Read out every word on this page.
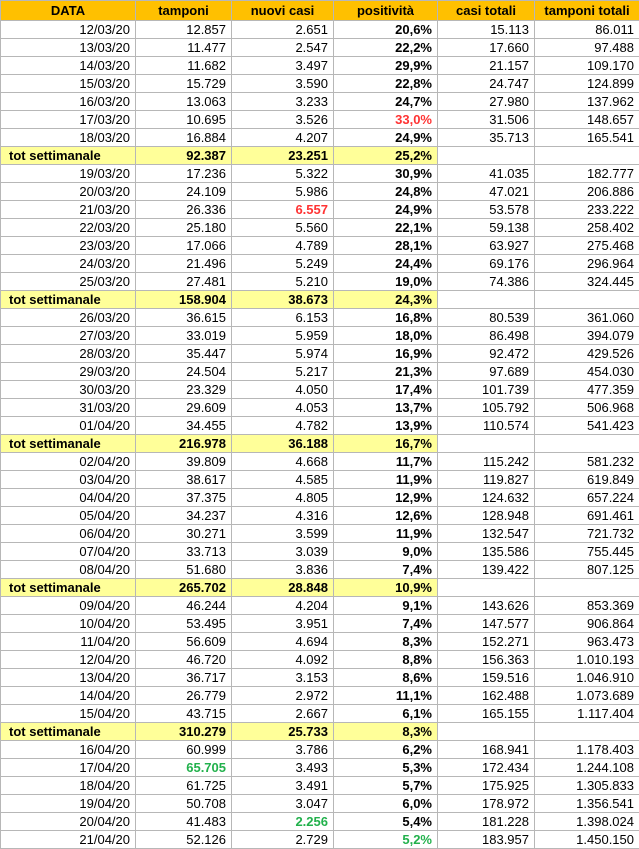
DATA	tamponi	nuovi casi	positività	casi totali	tamponi totali
12/03/20	12.857	2.651	20,6%	15.113	86.011
13/03/20	11.477	2.547	22,2%	17.660	97.488
14/03/20	11.682	3.497	29,9%	21.157	109.170
15/03/20	15.729	3.590	22,8%	24.747	124.899
16/03/20	13.063	3.233	24,7%	27.980	137.962
17/03/20	10.695	3.526	33,0%	31.506	148.657
18/03/20	16.884	4.207	24,9%	35.713	165.541
tot settimanale	92.387	23.251	25,2%		
19/03/20	17.236	5.322	30,9%	41.035	182.777
20/03/20	24.109	5.986	24,8%	47.021	206.886
21/03/20	26.336	6.557	24,9%	53.578	233.222
22/03/20	25.180	5.560	22,1%	59.138	258.402
23/03/20	17.066	4.789	28,1%	63.927	275.468
24/03/20	21.496	5.249	24,4%	69.176	296.964
25/03/20	27.481	5.210	19,0%	74.386	324.445
tot settimanale	158.904	38.673	24,3%		
26/03/20	36.615	6.153	16,8%	80.539	361.060
27/03/20	33.019	5.959	18,0%	86.498	394.079
28/03/20	35.447	5.974	16,9%	92.472	429.526
29/03/20	24.504	5.217	21,3%	97.689	454.030
30/03/20	23.329	4.050	17,4%	101.739	477.359
31/03/20	29.609	4.053	13,7%	105.792	506.968
01/04/20	34.455	4.782	13,9%	110.574	541.423
tot settimanale	216.978	36.188	16,7%		
02/04/20	39.809	4.668	11,7%	115.242	581.232
03/04/20	38.617	4.585	11,9%	119.827	619.849
04/04/20	37.375	4.805	12,9%	124.632	657.224
05/04/20	34.237	4.316	12,6%	128.948	691.461
06/04/20	30.271	3.599	11,9%	132.547	721.732
07/04/20	33.713	3.039	9,0%	135.586	755.445
08/04/20	51.680	3.836	7,4%	139.422	807.125
tot settimanale	265.702	28.848	10,9%		
09/04/20	46.244	4.204	9,1%	143.626	853.369
10/04/20	53.495	3.951	7,4%	147.577	906.864
11/04/20	56.609	4.694	8,3%	152.271	963.473
12/04/20	46.720	4.092	8,8%	156.363	1.010.193
13/04/20	36.717	3.153	8,6%	159.516	1.046.910
14/04/20	26.779	2.972	11,1%	162.488	1.073.689
15/04/20	43.715	2.667	6,1%	165.155	1.117.404
tot settimanale	310.279	25.733	8,3%		
16/04/20	60.999	3.786	6,2%	168.941	1.178.403
17/04/20	65.705	3.493	5,3%	172.434	1.244.108
18/04/20	61.725	3.491	5,7%	175.925	1.305.833
19/04/20	50.708	3.047	6,0%	178.972	1.356.541
20/04/20	41.483	2.256	5,4%	181.228	1.398.024
21/04/20	52.126	2.729	5,2%	183.957	1.450.150
